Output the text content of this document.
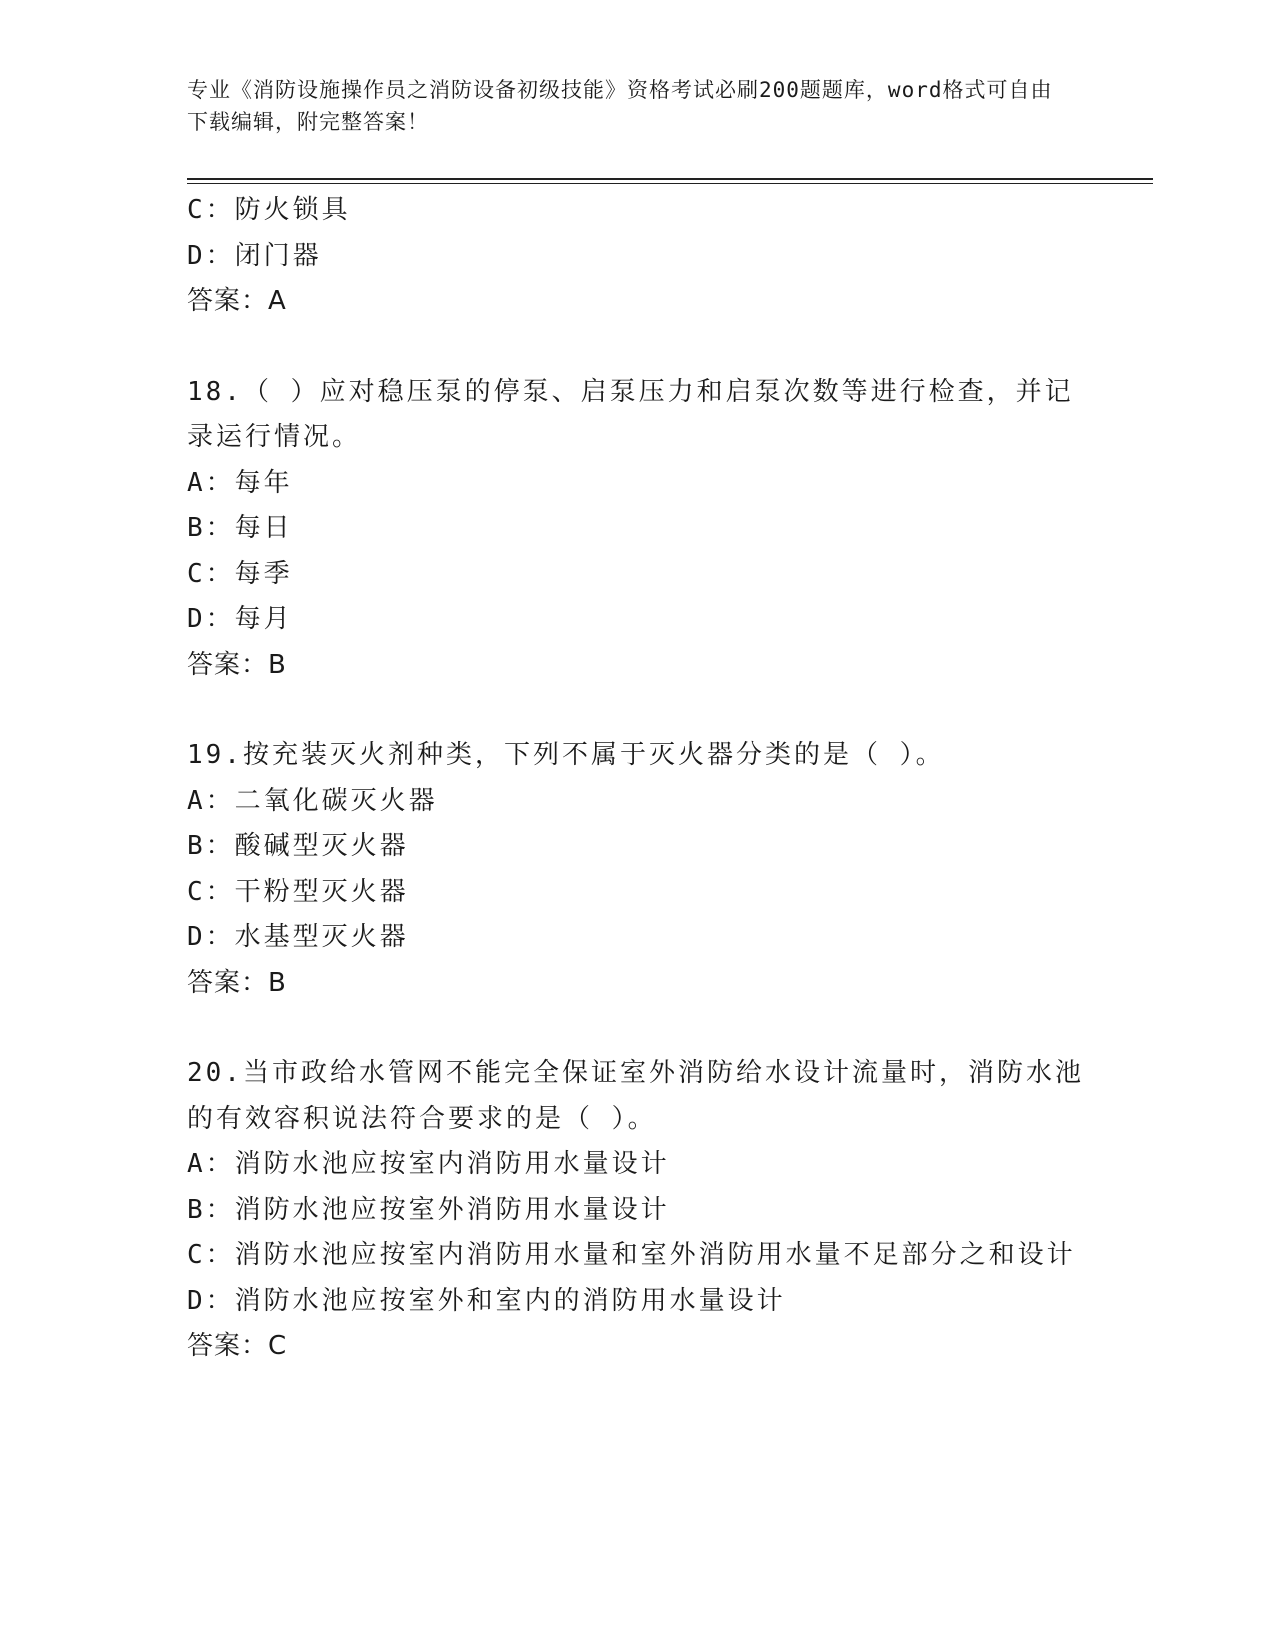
专业《消防设施操作员之消防设备初级技能》资格考试必刷200题题库，word格式可自由下载编辑，附完整答案！
C：防火锁具
D：闭门器
答案：A
18.（ ）应对稳压泵的停泵、启泵压力和启泵次数等进行检查，并记
录运行情况。
A：每年
B：每日
C：每季
D：每月
答案：B
19.按充装灭火剂种类，下列不属于灭火器分类的是（ ）。
A：二氧化碳灭火器
B：酸碱型灭火器
C：干粉型灭火器
D：水基型灭火器
答案：B
20.当市政给水管网不能完全保证室外消防给水设计流量时，消防水池
的有效容积说法符合要求的是（ ）。
A：消防水池应按室内消防用水量设计
B：消防水池应按室外消防用水量设计
C：消防水池应按室内消防用水量和室外消防用水量不足部分之和设计
D：消防水池应按室外和室内的消防用水量设计
答案：C
